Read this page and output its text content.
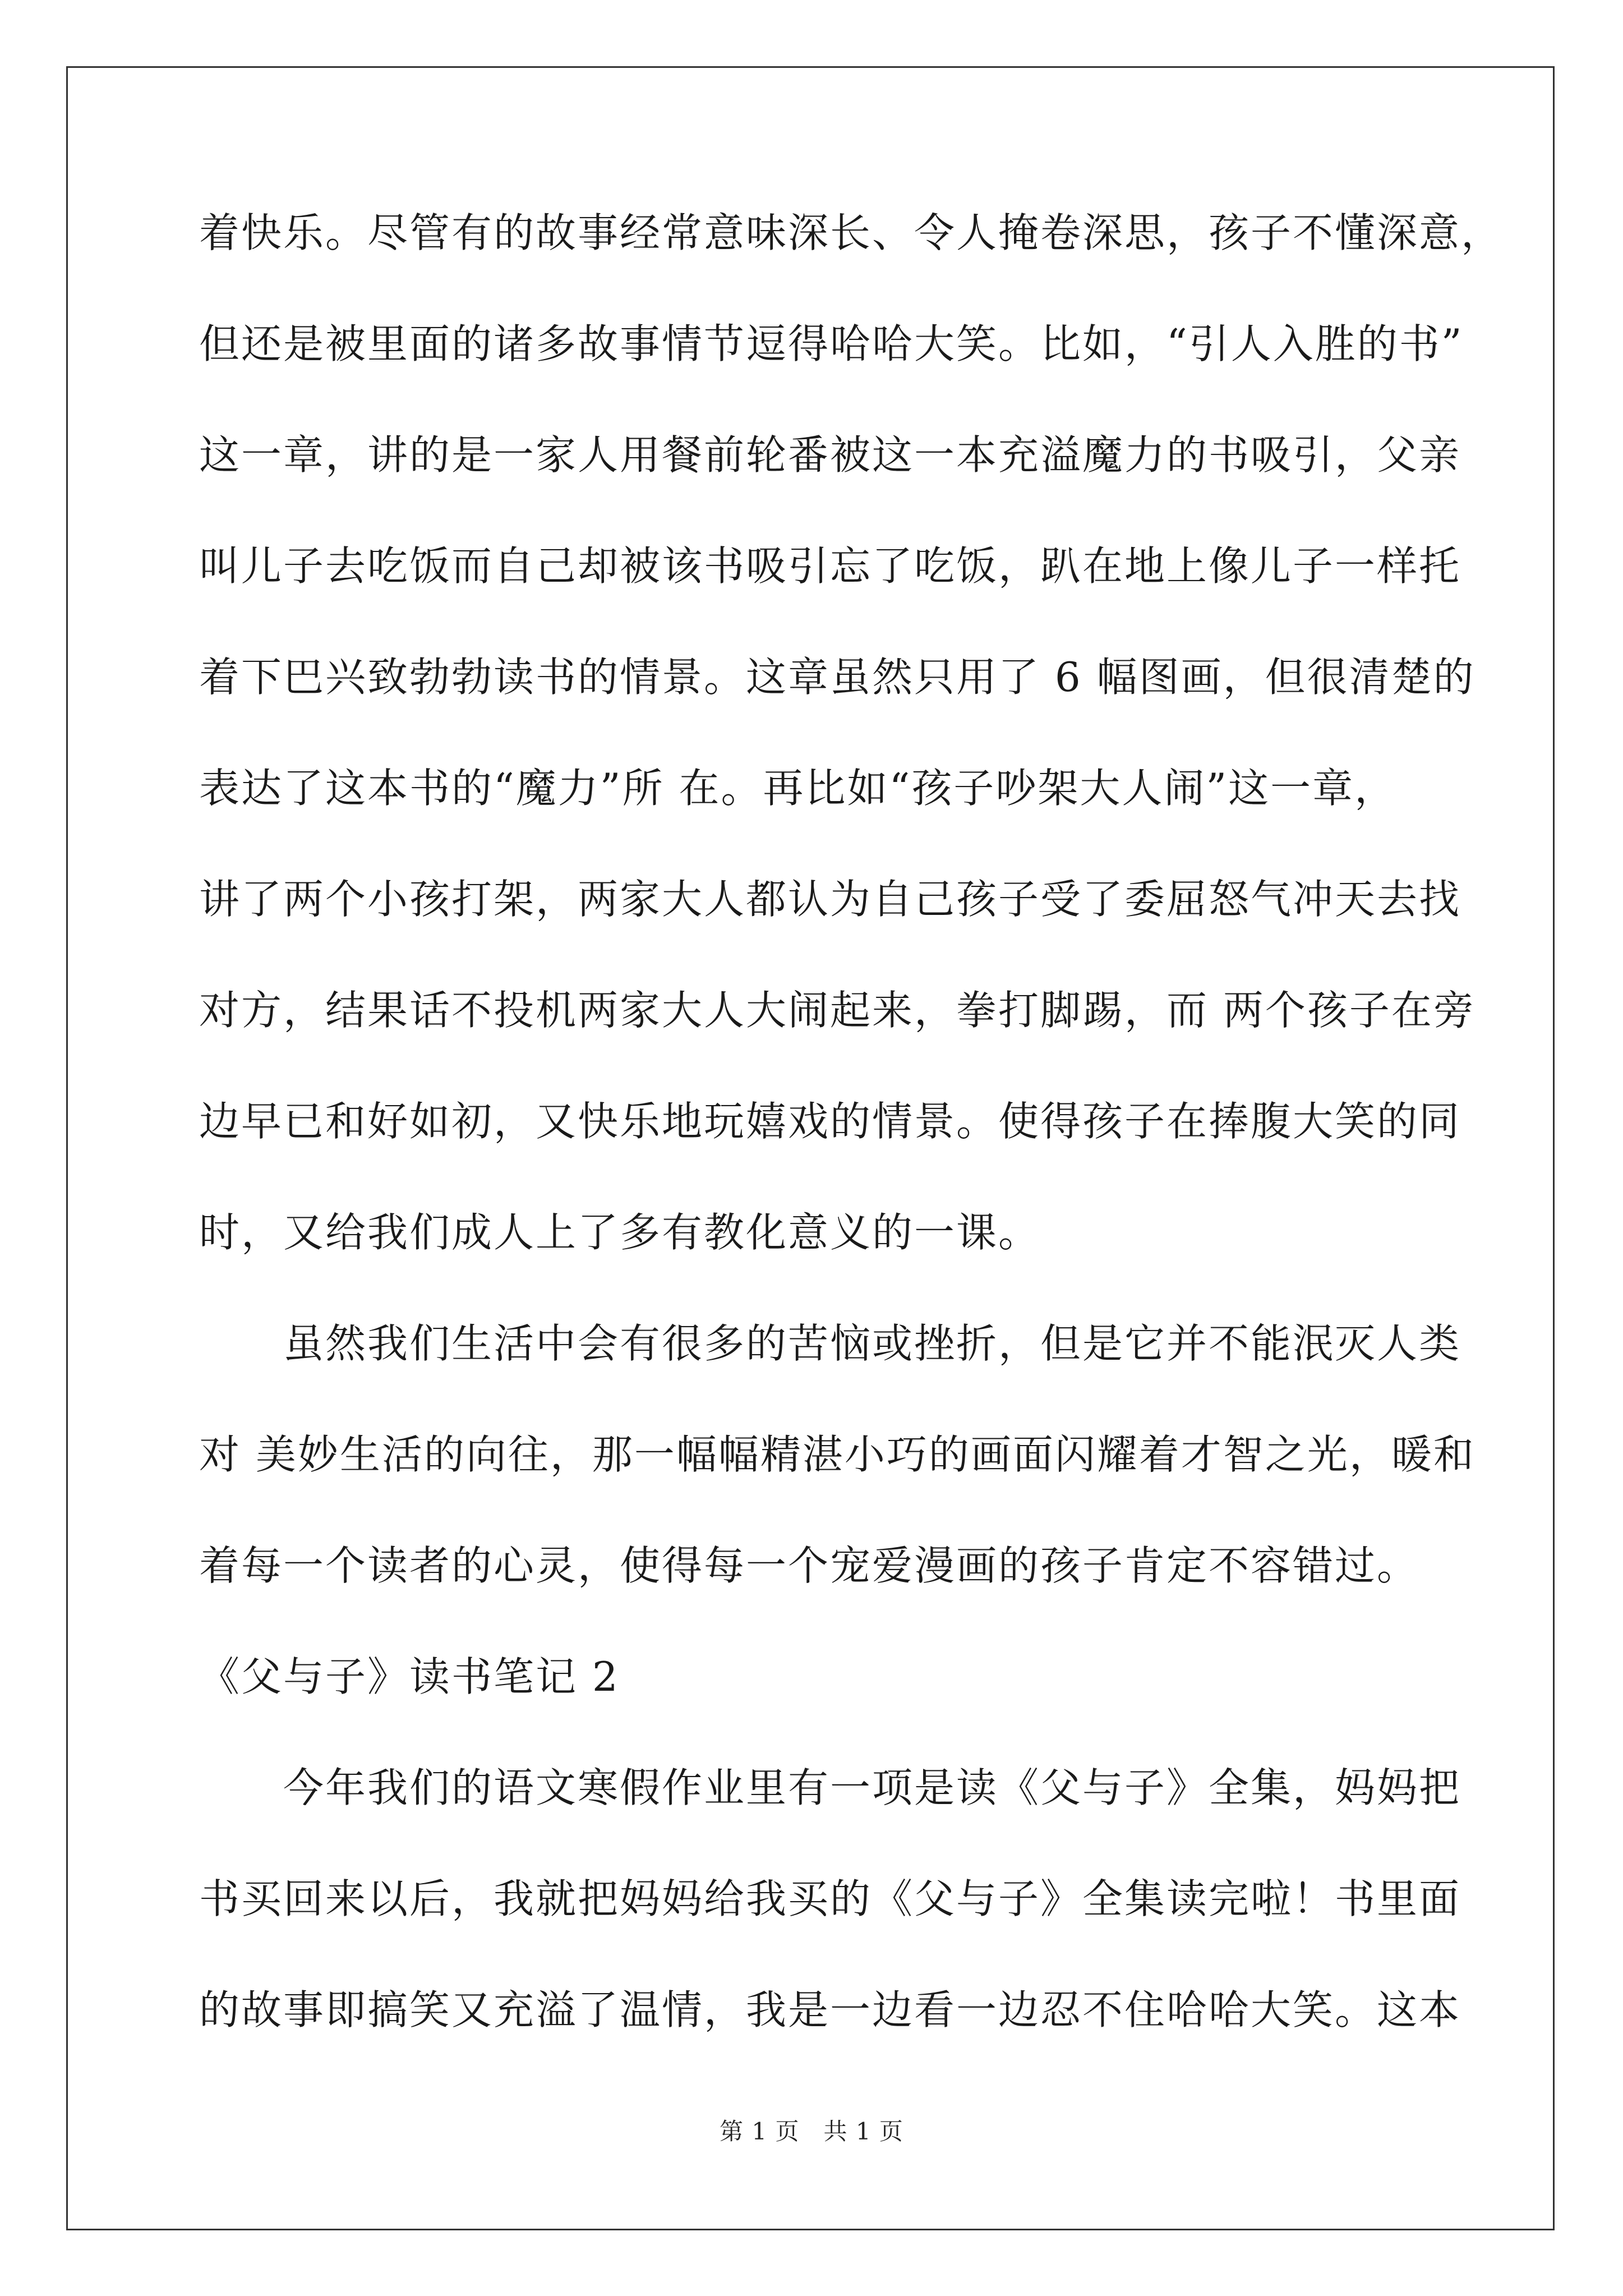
着快乐。尽管有的故事经常意味深长、令人掩卷深思，孩子不懂深意，
但还是被里面的诸多故事情节逗得哈哈大笑。比如，“引人入胜的书”
这一章，讲的是一家人用餐前轮番被这一本充溢魔力的书吸引，父亲
叫儿子去吃饭而自己却被该书吸引忘了吃饭，趴在地上像儿子一样托
着下巴兴致勃勃读书的情景。这章虽然只用了 6 幅图画，但很清楚的
表达了这本书的“魔力”所 在。再比如“孩子吵架大人闹”这一章，
讲了两个小孩打架，两家大人都认为自己孩子受了委屈怒气冲天去找
对方，结果话不投机两家大人大闹起来，拳打脚踢，而 两个孩子在旁
边早已和好如初，又快乐地玩嬉戏的情景。使得孩子在捧腹大笑的同
时，又给我们成人上了多有教化意义的一课。
　　虽然我们生活中会有很多的苦恼或挫折，但是它并不能泯灭人类
对 美妙生活的向往，那一幅幅精湛小巧的画面闪耀着才智之光，暖和
着每一个读者的心灵，使得每一个宠爱漫画的孩子肯定不容错过。
《父与子》读书笔记 2
　　今年我们的语文寒假作业里有一项是读《父与子》全集，妈妈把
书买回来以后，我就把妈妈给我买的《父与子》全集读完啦！书里面
的故事即搞笑又充溢了温情，我是一边看一边忍不住哈哈大笑。这本
第 1 页　共 1 页
